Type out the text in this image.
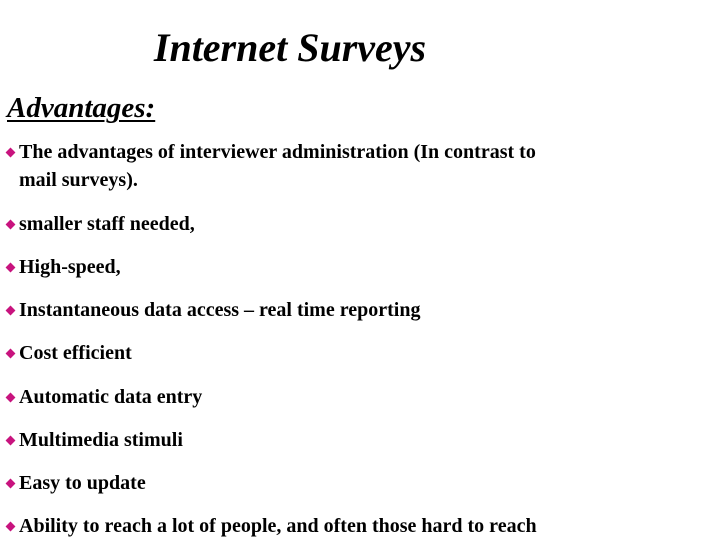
Internet Surveys
Advantages:
The advantages of interviewer administration (In contrast to
mail surveys).
smaller staff needed,
High-speed,
Instantaneous data access – real time reporting
Cost efficient
Automatic data entry
Multimedia stimuli
Easy to update
Ability to reach a lot of people, and often those hard to reach
